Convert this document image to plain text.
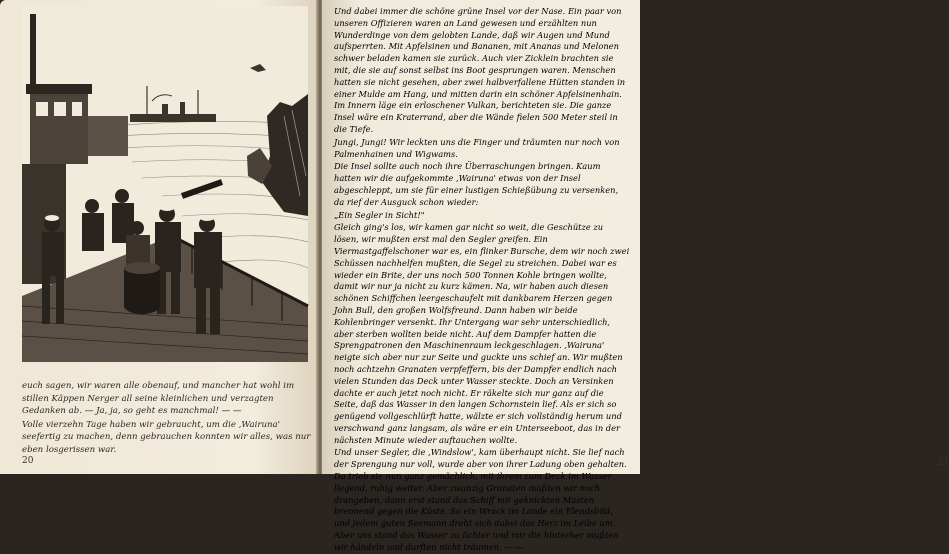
euch sagen, wir waren alle obenauf, und mancher hat wohl im stillen Käppen Nerger all seine kleinlichen und verzagten Gedanken ab. — Ja, ja, so geht es manchmal! — —

Volle vierzehn Tage haben wir gebraucht, um die ‚Wairuna' seefertig zu machen, denn gebrauchen konnten wir alles, was nur eben losgerissen war.

20	21

Und dabei immer die schöne grüne Insel vor der Nase. Ein paar von unseren Offizieren waren an Land gewesen und erzählten nun Wunderdinge von dem gelobten Lande, daß wir Augen und Mund aufsperrten. Mit Apfelsinen und Bananen, mit Ananas und Melonen schwer beladen kamen sie zurück. Auch vier Zicklein brachten sie mit, die sie auf sonst selbst ins Boot gesprungen waren. Menschen hatten sie nicht gesehen, aber zwei halbverfallene Hütten standen in einer Mulde am Hang, und mitten darin ein schöner Apfelsinenhain. Im Innern läge ein erloschener Vulkan, berichteten sie. Die ganze Insel wäre ein Kraterrand, aber die Wände fielen 500 Meter steil in die Tiefe.

Jungi, Jungi! Wir leckten uns die Finger und träumten nur noch von Palmenhainen und Wigwams.

Die Insel sollte auch noch ihre Überraschungen bringen. Kaum hatten wir die aufgekommte ‚Wairuna' etwas von der Insel abgeschleppt, um sie für einer lustigen Schießübung zu versenken, da rief der Ausguck schon wieder:

„Ein Segler in Sicht!"

Gleich ging's los, wir kamen gar nicht so weit, die Geschütze zu lösen, wir mußten erst mal den Segler greifen. Ein Viermastgaffelschoner war es, ein flinker Bursche, dem wir noch zwei Schüssen nachhelfen mußten, die Segel zu streichen. Dabei war es wieder ein Brite, der uns noch 500 Tonnen Kohle bringen wollte, damit wir nur ja nicht zu kurz kämen. Na, wir haben auch diesen schönen Schiffchen leergeschaufelt mit dankbarem Herzen gegen John Bull, den großen Wolfsfreund. Dann haben wir beide Kohlenbringer versenkt. Ihr Untergang war sehr unterschiedlich, aber sterben wollten beide nicht. Auf dem Dampfer hatten die Sprengpatronen den Maschinenraum leckgeschlagen. ‚Wairuna' neigte sich aber nur zur Seite und guckte uns schief an. Wir mußten noch achtzehn Granaten verpfeffern, bis der Dampfer endlich nach vielen Stunden das Deck unter Wasser steckte. Doch an Versinken dachte er auch jetzt noch nicht. Er räkelte sich nur ganz auf die Seite, daß das Wasser in den langen Schornstein lief. Als er sich so genügend vollgeschlürft hatte, wälzte er sich vollständig herum und verschwand ganz langsam, als wäre er ein Unterseeboot, das in der nächsten Minute wieder auftauchen wollte.

Und unser Segler, die ‚Windslow', kam überhaupt nicht. Sie lief nach der Sprengung nur voll, wurde aber von ihrer Ladung oben gehalten. Da trieb sie nun ganz gemächlich, mit ihrem zum Deck im Wasser liegend, ruhig weiter. Aber zwanzig Granaten mußten wir noch drangeben, dann erst stand das Schiff mit geknickten Masten brennend gegen die Küste. So ein Wrack im Lande ein Elendsbild, und jedem guten Seemann dreht sich dabei das Herz im Leibe um. Aber uns stand das Wasser zu lichter und mir die hinterher mußten wir händeln und durften nicht träumen. — —
